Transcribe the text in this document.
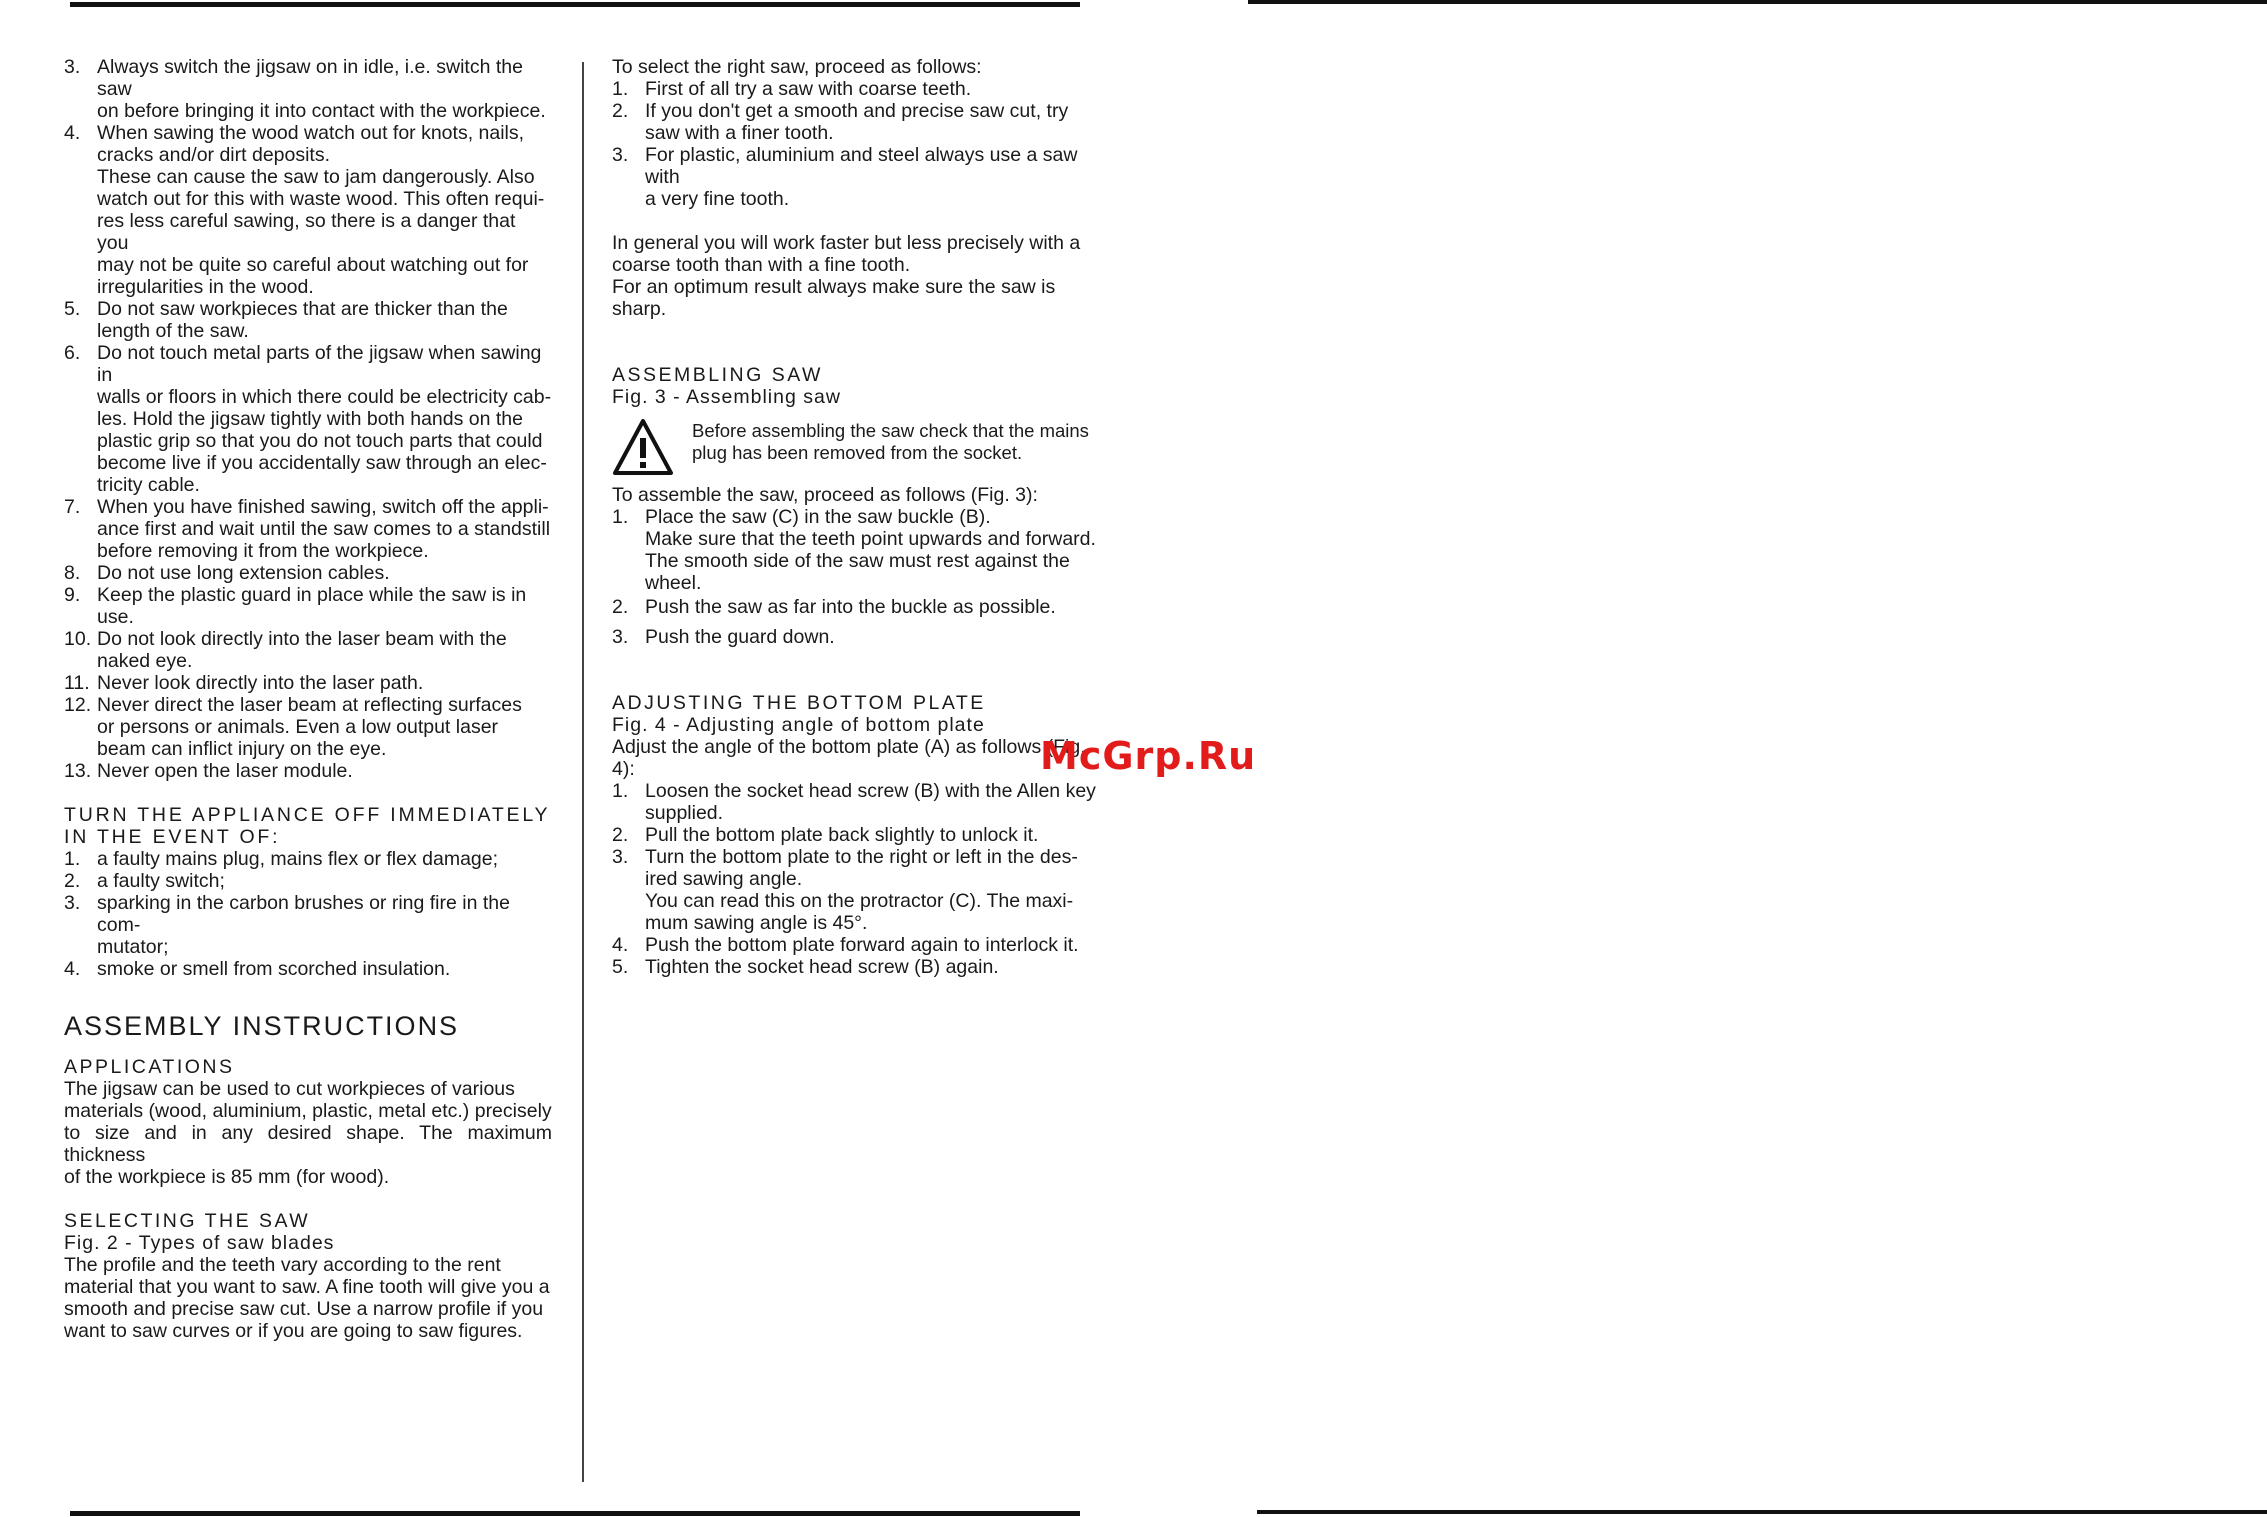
3. Always switch the jigsaw on in idle, i.e. switch the saw

on before bringing it into contact with the workpiece.

4. When sawing the wood watch out for knots, nails,

cracks and/or dirt deposits.

These can cause the saw to jam dangerously. Also

watch out for this with waste wood. This often requi-

res less careful sawing, so there is a danger that you

may not be quite so careful about watching out for

irregularities in the wood.

5. Do not saw workpieces that are thicker than the

length of the saw.

6. Do not touch metal parts of the jigsaw when sawing in

walls or floors in which there could be electricity cab-

les. Hold the jigsaw tightly with both hands on the

plastic grip so that you do not touch parts that could

become live if you accidentally saw through an elec-

tricity cable.

7. When you have finished sawing, switch off the appli-

ance first and wait until the saw comes to a standstill

before removing it from the workpiece.

8. Do not use long extension cables.

9. Keep the plastic guard in place while the saw is in use.

10. Do not look directly into the laser beam with the

naked eye.

11. Never look directly into the laser path.

12. Never direct the laser beam at reflecting surfaces

or persons or animals. Even a low output laser

beam can inflict injury on the eye.

13. Never open the laser module.

TURN THE APPLIANCE OFF IMMEDIATELY

IN THE EVENT OF:

1. a faulty mains plug, mains flex or flex damage;

2. a faulty switch;

3. sparking in the carbon brushes or ring fire in the com-

mutator;

4. smoke or smell from scorched insulation.

ASSEMBLY INSTRUCTIONS

APPLICATIONS

The jigsaw can be used to cut workpieces of various

materials (wood, aluminium, plastic, metal etc.) precisely

to size and in any desired shape. The maximum thickness

of the workpiece is 85 mm (for wood).

SELECTING THE SAW

Fig. 2 - Types of saw blades

The profile and the teeth vary according to the rent

material that you want to saw. A fine tooth will give you a

smooth and precise saw cut. Use a narrow profile if you

want to saw curves or if you are going to saw figures.

To select the right saw, proceed as follows:

1. First of all try a saw with coarse teeth.

2. If you don't get a smooth and precise saw cut, try

saw with a finer tooth.

3. For plastic, aluminium and steel always use a saw with

a very fine tooth.

In general you will work faster but less precisely with a

coarse tooth than with a fine tooth.

For an optimum result always make sure the saw is sharp.

ASSEMBLING SAW

Fig. 3 - Assembling saw

Before assembling the saw check that the mains

plug has been removed from the socket.

To assemble the saw, proceed as follows (Fig. 3):

1. Place the saw (C) in the saw buckle (B).

Make sure that the teeth point upwards and forward.

The smooth side of the saw must rest against the

wheel.

2. Push the saw as far into the buckle as possible.

3. Push the guard down.

ADJUSTING THE BOTTOM PLATE

Fig. 4 - Adjusting angle of bottom plate

Adjust the angle of the bottom plate (A) as follows (Fig.

4):

1. Loosen the socket head screw (B) with the Allen key

supplied.

2. Pull the bottom plate back slightly to unlock it.

3. Turn the bottom plate to the right or left in the des-

ired sawing angle.

You can read this on the protractor (C). The maxi-

mum sawing angle is 45°.

4. Push the bottom plate forward again to interlock it.

5. Tighten the socket head screw (B) again.

McGrp.Ru
